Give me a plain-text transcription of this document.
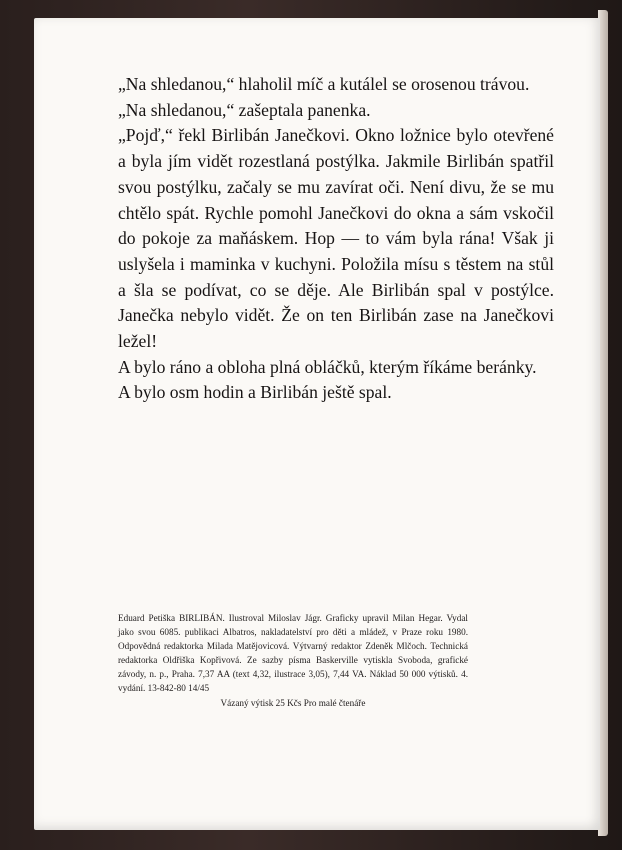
„Na shledanou,“ hlaholil míč a kutálel se orosenou trávou.

„Na shledanou,“ zašeptala panenka.

„Pojď,“ řekl Birlibán Janečkovi. Okno ložnice bylo otevřené a byla jím vidět rozestlaná postýlka. Jakmile Birlibán spatřil svou postýlku, začaly se mu zavírat oči. Není divu, že se mu chtělo spát. Rychle pomohl Janečkovi do okna a sám vskočil do pokoje za maňáskem. Hop — to vám byla rána! Však ji uslyšela i maminka v kuchyni. Položila mísu s těstem na stůl a šla se podívat, co se děje. Ale Birlibán spal v postýlce. Janečka nebylo vidět. Že on ten Birlibán zase na Janečkovi ležel!

A bylo ráno a obloha plná obláčků, kterým říkáme beránky.

A bylo osm hodin a Birlibán ještě spal.

Eduard Petiška BIRLIBÁN. Ilustroval Miloslav Jágr. Graficky upravil Milan Hegar. Vydal jako svou 6085. publikaci Albatros, nakladatelství pro děti a mládež, v Praze roku 1980. Odpovědná redaktorka Milada Matějovicová. Výtvarný redaktor Zdeněk Mlčoch. Technická redaktorka Oldřiška Kopřivová. Ze sazby písma Baskerville vytiskla Svoboda, grafické závody, n. p., Praha. 7,37 AA (text 4,32, ilustrace 3,05), 7,44 VA. Náklad 50 000 výtisků. 4. vydání. 13-842-80 14/45
Vázaný výtisk 25 Kčs Pro malé čtenáře
